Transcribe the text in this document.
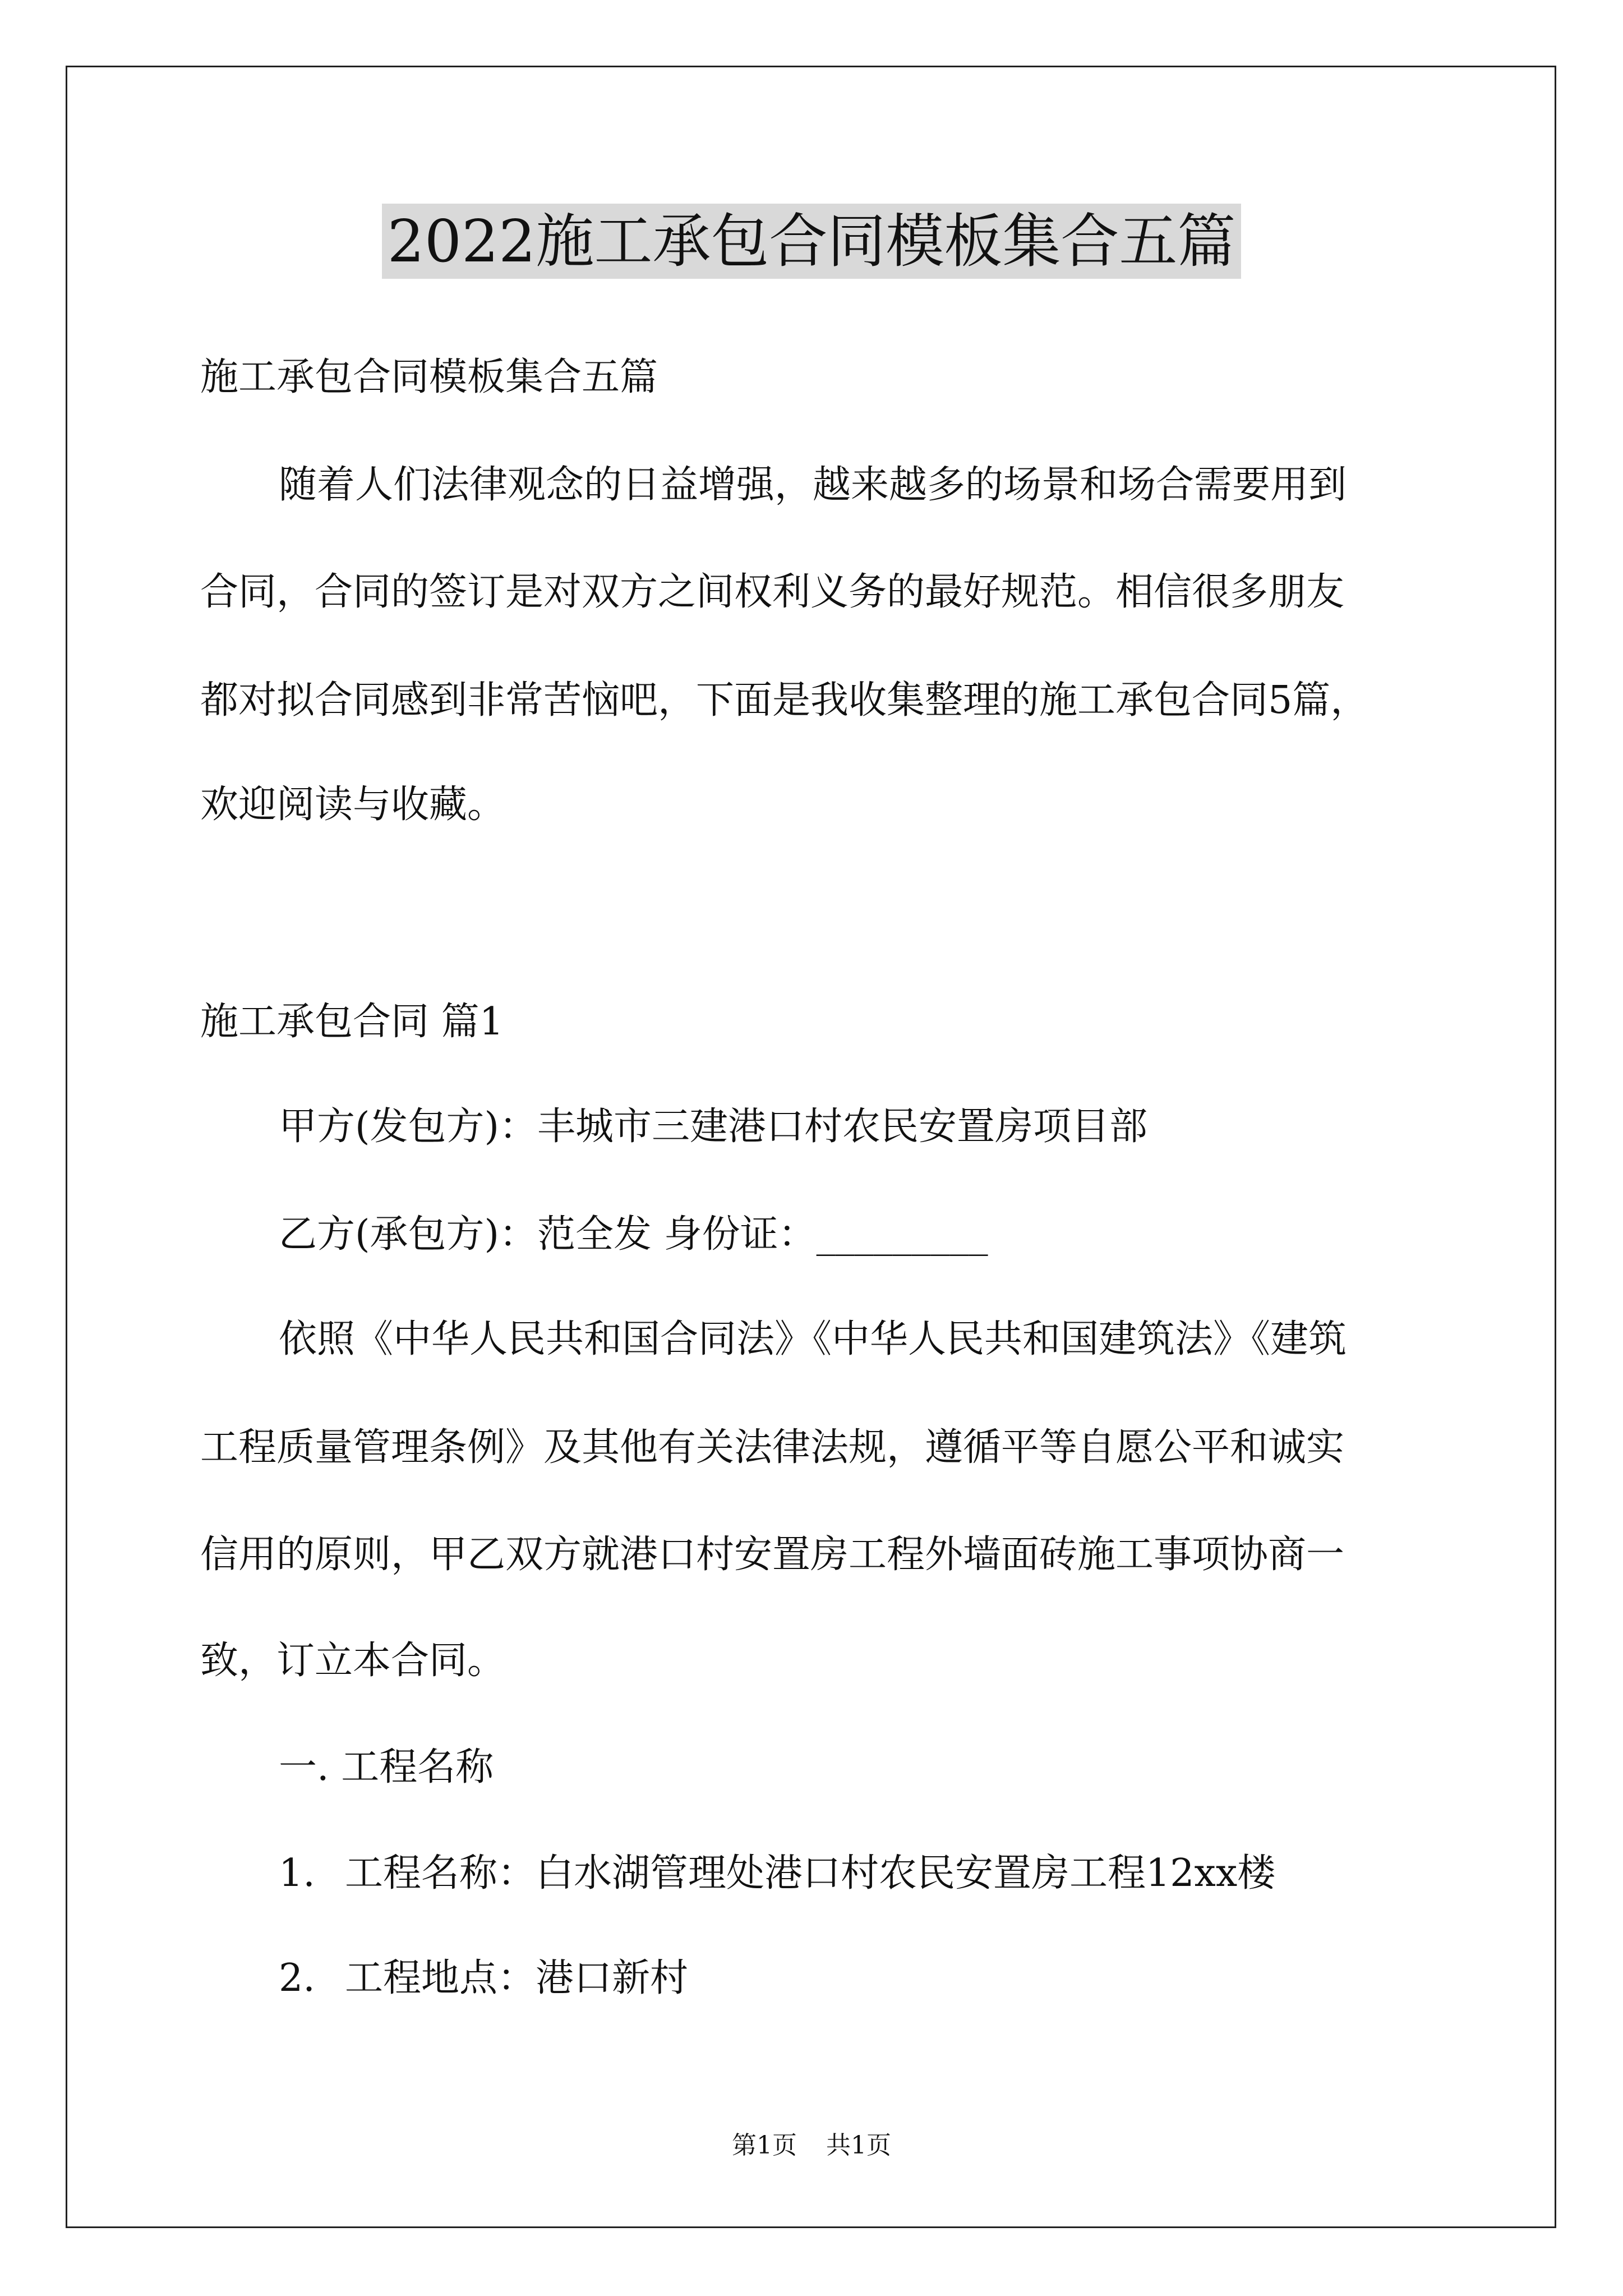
2022施工承包合同模板集合五篇
施工承包合同模板集合五篇
随着人们法律观念的日益增强，越来越多的场景和场合需要用到
合同，合同的签订是对双方之间权利义务的最好规范。相信很多朋友
都对拟合同感到非常苦恼吧，下面是我收集整理的施工承包合同5篇，
欢迎阅读与收藏。
施工承包合同 篇1
甲方(发包方)：丰城市三建港口村农民安置房项目部
乙方(承包方)：范全发 身份证：_________
依照《中华人民共和国合同法》《中华人民共和国建筑法》《建筑
工程质量管理条例》及其他有关法律法规，遵循平等自愿公平和诚实
信用的原则，甲乙双方就港口村安置房工程外墙面砖施工事项协商一
致，订立本合同。
一. 工程名称
1. 工程名称：白水湖管理处港口村农民安置房工程12xx楼
2. 工程地点：港口新村
第1页 共1页
